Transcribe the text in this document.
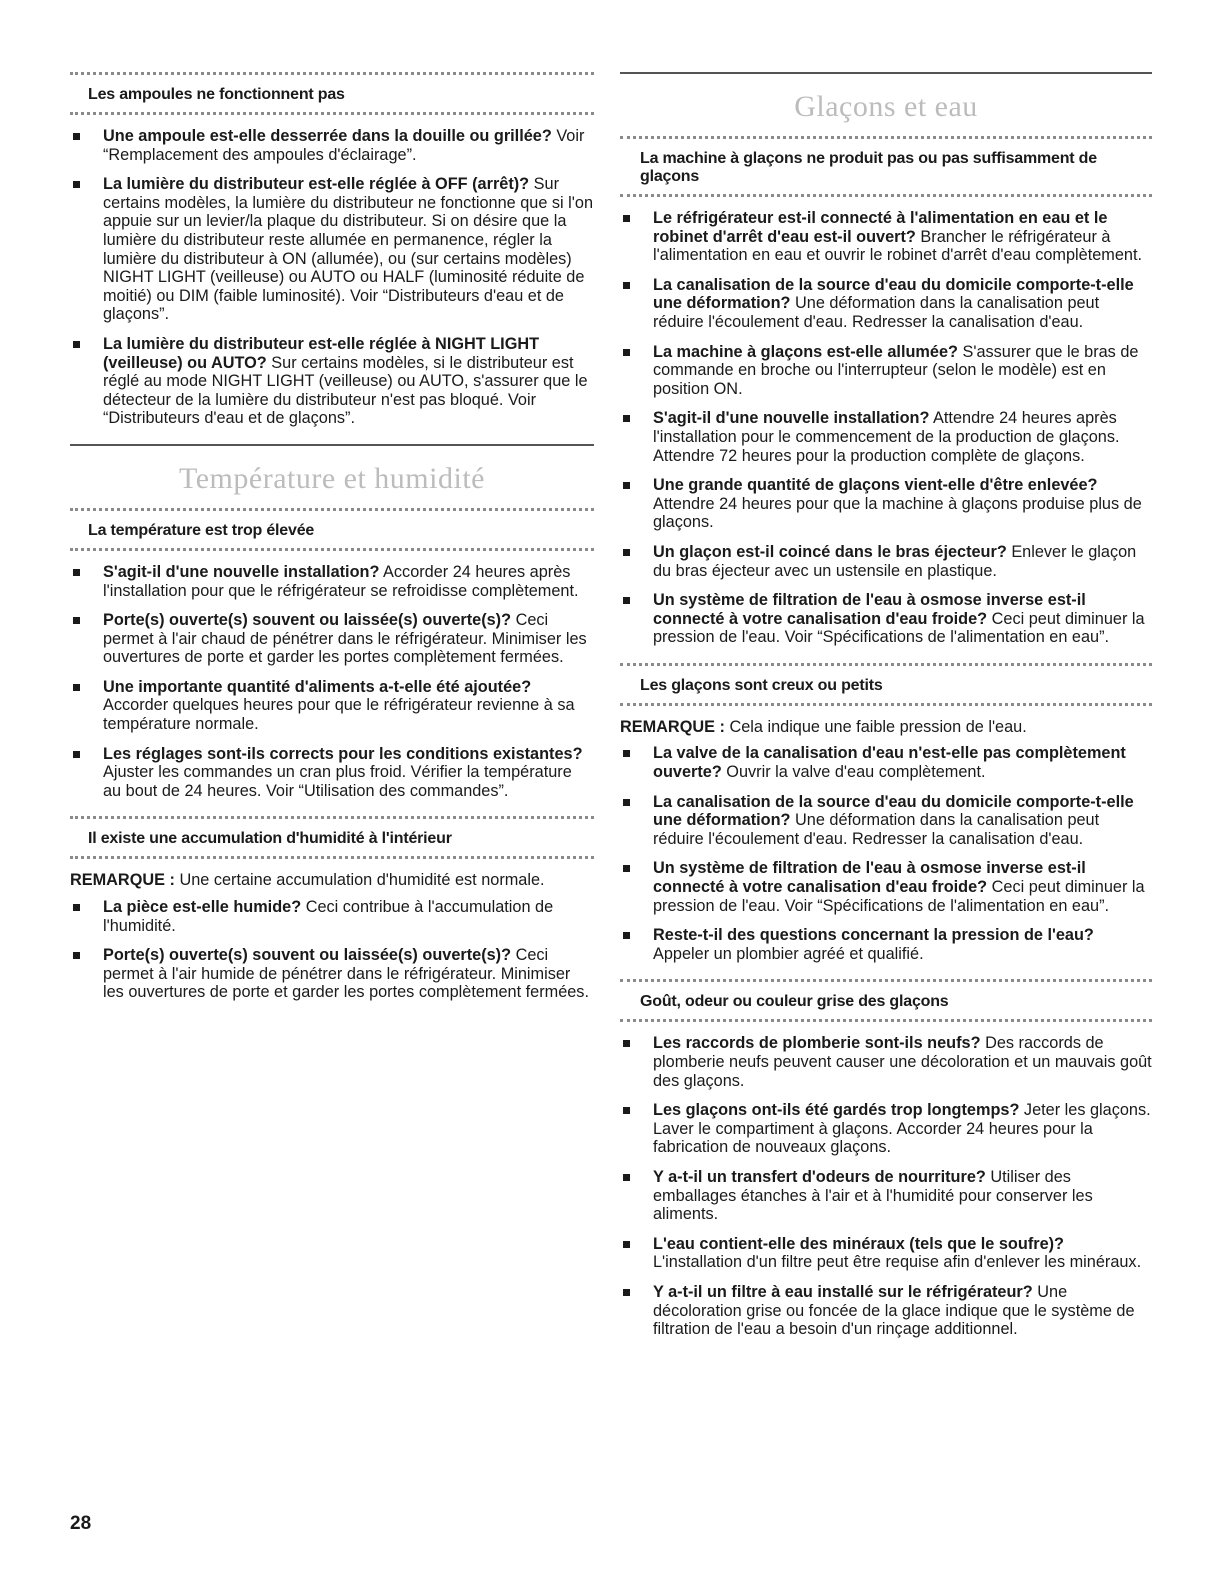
Les ampoules ne fonctionnent pas
Une ampoule est-elle desserrée dans la douille ou grillée? Voir “Remplacement des ampoules d'éclairage”.
La lumière du distributeur est-elle réglée à OFF (arrêt)? Sur certains modèles, la lumière du distributeur ne fonctionne que si l'on appuie sur un levier/la plaque du distributeur. Si on désire que la lumière du distributeur reste allumée en permanence, régler la lumière du distributeur à ON (allumée), ou (sur certains modèles) NIGHT LIGHT (veilleuse) ou AUTO ou HALF (luminosité réduite de moitié) ou DIM (faible luminosité). Voir “Distributeurs d'eau et de glaçons”.
La lumière du distributeur est-elle réglée à NIGHT LIGHT (veilleuse) ou AUTO? Sur certains modèles, si le distributeur est réglé au mode NIGHT LIGHT (veilleuse) ou AUTO, s'assurer que le détecteur de la lumière du distributeur n'est pas bloqué. Voir “Distributeurs d'eau et de glaçons”.
Température et humidité
La température est trop élevée
S'agit-il d'une nouvelle installation? Accorder 24 heures après l'installation pour que le réfrigérateur se refroidisse complètement.
Porte(s) ouverte(s) souvent ou laissée(s) ouverte(s)? Ceci permet à l'air chaud de pénétrer dans le réfrigérateur. Minimiser les ouvertures de porte et garder les portes complètement fermées.
Une importante quantité d'aliments a-t-elle été ajoutée? Accorder quelques heures pour que le réfrigérateur revienne à sa température normale.
Les réglages sont-ils corrects pour les conditions existantes? Ajuster les commandes un cran plus froid. Vérifier la température au bout de 24 heures. Voir “Utilisation des commandes”.
Il existe une accumulation d'humidité à l'intérieur

REMARQUE : Une certaine accumulation d'humidité est normale.

La pièce est-elle humide? Ceci contribue à l'accumulation de l'humidité.
Porte(s) ouverte(s) souvent ou laissée(s) ouverte(s)? Ceci permet à l'air humide de pénétrer dans le réfrigérateur. Minimiser les ouvertures de porte et garder les portes complètement fermées.
Glaçons et eau
La machine à glaçons ne produit pas ou pas suffisamment de glaçons
Le réfrigérateur est-il connecté à l'alimentation en eau et le robinet d'arrêt d'eau est-il ouvert? Brancher le réfrigérateur à l'alimentation en eau et ouvrir le robinet d'arrêt d'eau complètement.
La canalisation de la source d'eau du domicile comporte-t-elle une déformation? Une déformation dans la canalisation peut réduire l'écoulement d'eau. Redresser la canalisation d'eau.
La machine à glaçons est-elle allumée? S'assurer que le bras de commande en broche ou l'interrupteur (selon le modèle) est en position ON.
S'agit-il d'une nouvelle installation? Attendre 24 heures après l'installation pour le commencement de la production de glaçons. Attendre 72 heures pour la production complète de glaçons.
Une grande quantité de glaçons vient-elle d'être enlevée? Attendre 24 heures pour que la machine à glaçons produise plus de glaçons.
Un glaçon est-il coincé dans le bras éjecteur? Enlever le glaçon du bras éjecteur avec un ustensile en plastique.
Un système de filtration de l'eau à osmose inverse est-il connecté à votre canalisation d'eau froide? Ceci peut diminuer la pression de l'eau. Voir “Spécifications de l'alimentation en eau”.
Les glaçons sont creux ou petits

REMARQUE : Cela indique une faible pression de l'eau.

La valve de la canalisation d'eau n'est-elle pas complètement ouverte? Ouvrir la valve d'eau complètement.
La canalisation de la source d'eau du domicile comporte-t-elle une déformation? Une déformation dans la canalisation peut réduire l'écoulement d'eau. Redresser la canalisation d'eau.
Un système de filtration de l'eau à osmose inverse est-il connecté à votre canalisation d'eau froide? Ceci peut diminuer la pression de l'eau. Voir “Spécifications de l'alimentation en eau”.
Reste-t-il des questions concernant la pression de l'eau? Appeler un plombier agréé et qualifié.
Goût, odeur ou couleur grise des glaçons
Les raccords de plomberie sont-ils neufs? Des raccords de plomberie neufs peuvent causer une décoloration et un mauvais goût des glaçons.
Les glaçons ont-ils été gardés trop longtemps? Jeter les glaçons. Laver le compartiment à glaçons. Accorder 24 heures pour la fabrication de nouveaux glaçons.
Y a-t-il un transfert d'odeurs de nourriture? Utiliser des emballages étanches à l'air et à l'humidité pour conserver les aliments.
L'eau contient-elle des minéraux (tels que le soufre)? L'installation d'un filtre peut être requise afin d'enlever les minéraux.
Y a-t-il un filtre à eau installé sur le réfrigérateur? Une décoloration grise ou foncée de la glace indique que le système de filtration de l'eau a besoin d'un rinçage additionnel.
28
